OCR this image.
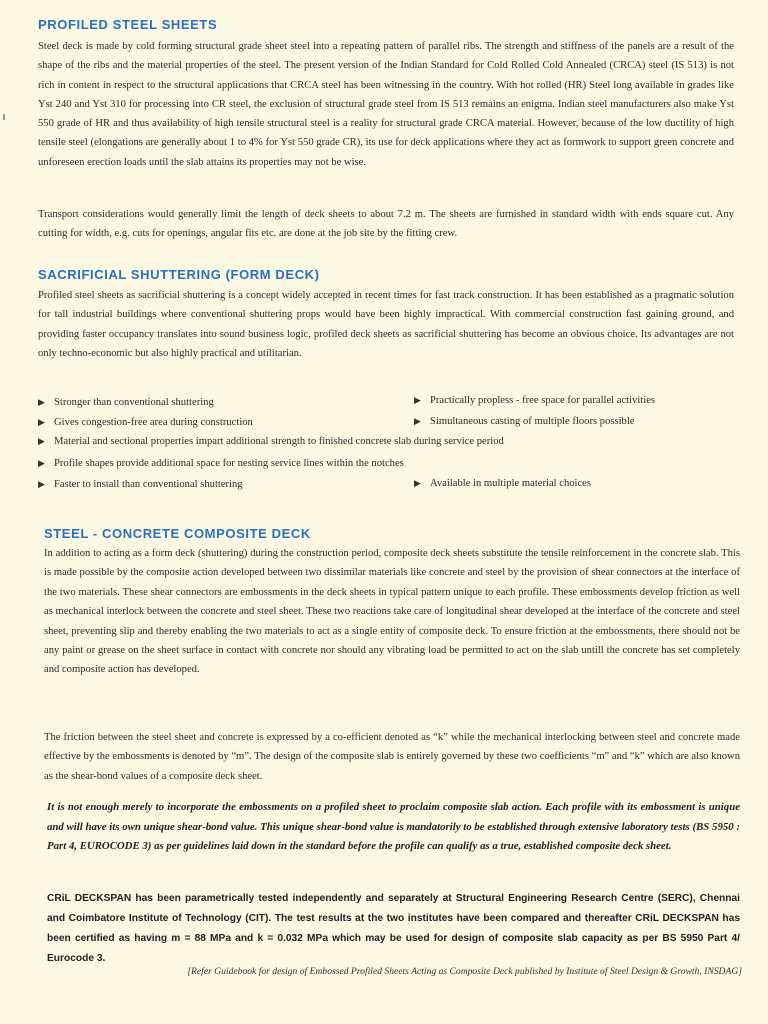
PROFILED STEEL SHEETS

Steel deck is made by cold forming structural grade sheet steel into a repeating pattern of parallel ribs. The strength and stiffness of the panels are a result of the shape of the ribs and the material properties of the steel. The present version of the Indian Standard for Cold Rolled Cold Annealed (CRCA) steel (IS 513) is not rich in content in respect to the structural applications that CRCA steel has been witnessing in the country. With hot rolled (HR) Steel long available in grades like Yst 240 and Yst 310 for processing into CR steel, the exclusion of structural grade steel from IS 513 remains an enigma. Indian steel manufacturers also make Yst 550 grade of HR and thus availability of high tensile structural steel is a reality for structural grade CRCA material. However, because of the low ductility of high tensile steel (elongations are generally about 1 to 4% for Yst 550 grade CR), its use for deck applications where they act as formwork to support green concrete and unforeseen erection loads until the slab attains its properties may not be wise.

Transport considerations would generally limit the length of deck sheets to about 7.2 m. The sheets are furnished in standard width with ends square cut. Any cutting for width, e.g. cuts for openings, angular fits etc. are done at the job site by the fitting crew.

SACRIFICIAL SHUTTERING (FORM DECK)

Profiled steel sheets as sacrificial shuttering is a concept widely accepted in recent times for fast track construction. It has been established as a pragmatic solution for tall industrial buildings where conventional shuttering props would have been highly impractical. With commercial construction fast gaining ground, and providing faster occupancy translates into sound business logic, profiled deck sheets as sacrificial shuttering has become an obvious choice. Its advantages are not only techno-economic but also highly practical and utilitarian.

▶ Stronger than conventional shuttering	▶ Practically propless - free space for parallel activities
▶ Gives congestion-free area during construction	▶ Simultaneous casting of multiple floors possible
▶ Material and sectional properties impart additional strength to finished concrete slab during service period
▶ Profile shapes provide additional space for nesting service lines within the notches
▶ Faster to install than conventional shuttering	▶ Available in multiple material choices
STEEL - CONCRETE COMPOSITE DECK

In addition to acting as a form deck (shuttering) during the construction period, composite deck sheets substitute the tensile reinforcement in the concrete slab. This is made possible by the composite action developed between two dissimilar materials like concrete and steel by the provision of shear connectors at the interface of the two materials. These shear connectors are embossments in the deck sheets in typical pattern unique to each profile. These embossments develop friction as well as mechanical interlock between the concrete and steel sheet. These two reactions take care of longitudinal shear developed at the interface of the concrete and steel sheet, preventing slip and thereby enabling the two materials to act as a single entity of composite deck. To ensure friction at the embossments, there should not be any paint or grease on the sheet surface in contact with concrete nor should any vibrating load be permitted to act on the slab untill the concrete has set completely and composite action has developed.

The friction between the steel sheet and concrete is expressed by a co-efficient denoted as “k” while the mechanical interlocking between steel and concrete made effective by the embossments is denoted by “m”. The design of the composite slab is entirely governed by these two coefficients “m” and “k” which are also known as the shear-bond values of a composite deck sheet.

It is not enough merely to incorporate the embossments on a profiled sheet to proclaim composite slab action. Each profile with its embossment is unique and will have its own unique shear-bond value. This unique shear-bond value is mandatorily to be established through extensive laboratory tests (BS 5950 : Part 4, EUROCODE 3) as per guidelines laid down in the standard before the profile can qualify as a true, established composite deck sheet.

CRiL DECKSPAN has been parametrically tested independently and separately at Structural Engineering Research Centre (SERC), Chennai and Coimbatore Institute of Technology (CIT). The test results at the two institutes have been compared and thereafter CRiL DECKSPAN has been certified as having m = 88 MPa and k = 0.032 MPa which may be used for design of composite slab capacity as per BS 5950 Part 4/ Eurocode 3.

[Refer Guidebook for design of Embossed Profiled Sheets Acting as Composite Deck published by Institute of Steel Design & Growth, INSDAG]
